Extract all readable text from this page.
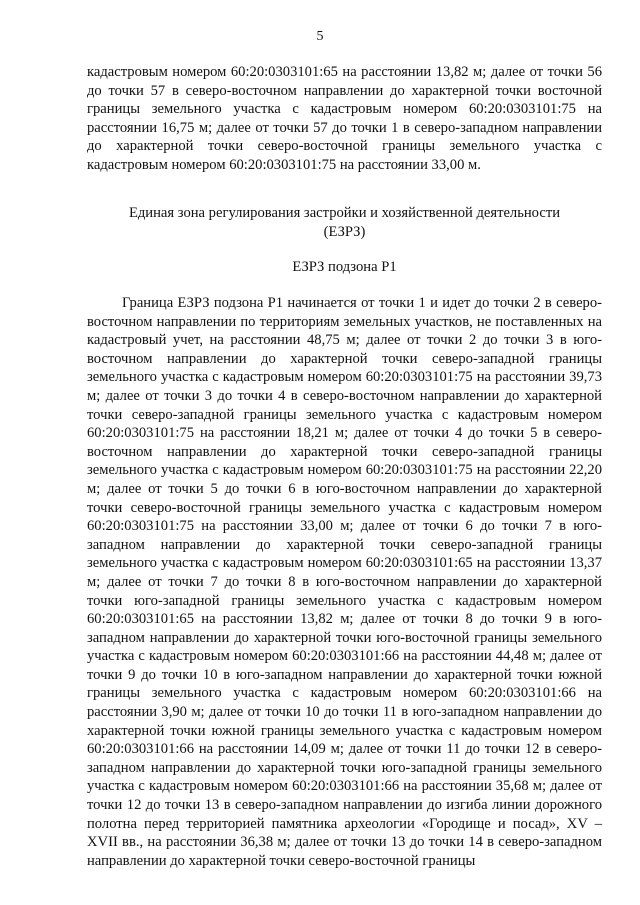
5

кадастровым номером 60:20:0303101:65 на расстоянии 13,82 м; далее от точки 56 до точки 57 в северо-восточном направлении до характерной точки восточной границы земельного участка с кадастровым номером 60:20:0303101:75 на расстоянии 16,75 м; далее от точки 57 до точки 1 в северо-западном направлении до характерной точки северо-восточной границы земельного участка с кадастровым номером 60:20:0303101:75 на расстоянии 33,00 м.

Единая зона регулирования застройки и хозяйственной деятельности
(ЕЗРЗ)
ЕЗРЗ подзона Р1

Граница ЕЗРЗ подзона Р1 начинается от точки 1 и идет до точки 2 в северо-восточном направлении по территориям земельных участков, не поставленных на кадастровый учет, на расстоянии 48,75 м; далее от точки 2 до точки 3 в юго-восточном направлении до характерной точки северо-западной границы земельного участка с кадастровым номером 60:20:0303101:75 на расстоянии 39,73 м; далее от точки 3 до точки 4 в северо-восточном направлении до характерной точки северо-западной границы земельного участка с кадастровым номером 60:20:0303101:75 на расстоянии 18,21 м; далее от точки 4 до точки 5 в северо-восточном направлении до характерной точки северо-западной границы земельного участка с кадастровым номером 60:20:0303101:75 на расстоянии 22,20 м; далее от точки 5 до точки 6 в юго-восточном направлении до характерной точки северо-восточной границы земельного участка с кадастровым номером 60:20:0303101:75 на расстоянии 33,00 м; далее от точки 6 до точки 7 в юго-западном направлении до характерной точки северо-западной границы земельного участка с кадастровым номером 60:20:0303101:65 на расстоянии 13,37 м; далее от точки 7 до точки 8 в юго-восточном направлении до характерной точки юго-западной границы земельного участка с кадастровым номером 60:20:0303101:65 на расстоянии 13,82 м; далее от точки 8 до точки 9 в юго-западном направлении до характерной точки юго-восточной границы земельного участка с кадастровым номером 60:20:0303101:66 на расстоянии 44,48 м; далее от точки 9 до точки 10 в юго-западном направлении до характерной точки южной границы земельного участка с кадастровым номером 60:20:0303101:66 на расстоянии 3,90 м; далее от точки 10 до точки 11 в юго-западном направлении до характерной точки южной границы земельного участка с кадастровым номером 60:20:0303101:66 на расстоянии 14,09 м; далее от точки 11 до точки 12 в северо-западном направлении до характерной точки юго-западной границы земельного участка с кадастровым номером 60:20:0303101:66 на расстоянии 35,68 м; далее от точки 12 до точки 13 в северо-западном направлении до изгиба линии дорожного полотна перед территорией памятника археологии «Городище и посад», XV – XVII вв., на расстоянии 36,38 м; далее от точки 13 до точки 14 в северо-западном направлении до характерной точки северо-восточной границы
